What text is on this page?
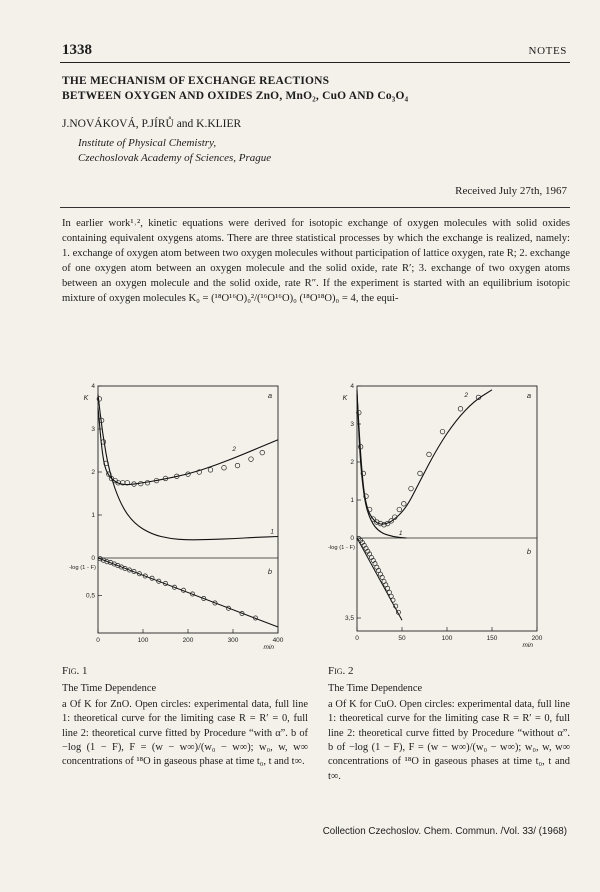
1338	NOTES
THE MECHANISM OF EXCHANGE REACTIONS
BETWEEN OXYGEN AND OXIDES ZnO, MnO₂, CuO AND Co₃O₄
J.NOVÁKOVÁ, P.JÍRŮ and K.KLIER
Institute of Physical Chemistry,
Czechoslovak Academy of Sciences, Prague
Received July 27th, 1967

In earlier work¹˒², kinetic equations were derived for isotopic exchange of oxygen molecules with solid oxides containing equivalent oxygens atoms. There are three statistical processes by which the exchange is realized, namely: 1. exchange of oxygen atom between two oxygen molecules without participation of lattice oxygen, rate R; 2. exchange of one oxygen atom between an oxygen molecule and the solid oxide, rate R′; 3. exchange of two oxygen atoms between an oxygen molecule and the solid oxide, rate R″. If the experiment is started with an equilibrium isotopic mixture of oxygen molecules K₀ = (¹⁸O¹⁶O)₀²/(¹⁶O¹⁶O)₀ (¹⁸O¹⁸O)₀ = 4, the equi-

0	100	200	300	400
1
2
3
4
0
0,5
K
-log (1 - F)
min
a
b
1
2
Fig. 1
The Time Dependence
a Of K for ZnO. Open circles: experimental data, full line 1: theoretical curve for the limiting case R = R′ = 0, full line 2: theoretical curve fitted by Procedure “with α”. b of −log (1 − F), F = (w − w∞)/(w₀ − w∞); w₀, w, w∞ concentrations of ¹⁸O in gaseous phase at time t₀, t and t∞.
0	50	100	150	200
1
2
3
4
0
3,5
K
-log (1 - F)
min
a
b
1
2
Fig. 2
The Time Dependence
a Of K for CuO. Open circles: experimental data, full line 1: theoretical curve for the limiting case R = R′ = 0, full line 2: theoretical curve fitted by Procedure “without α”. b of −log (1 − F), F = (w − w∞)/(w₀ − w∞); w₀, w, w∞ concentrations of ¹⁸O in gaseous phases at time t₀, t and t∞.
Collection Czechoslov. Chem. Commun. /Vol. 33/ (1968)
